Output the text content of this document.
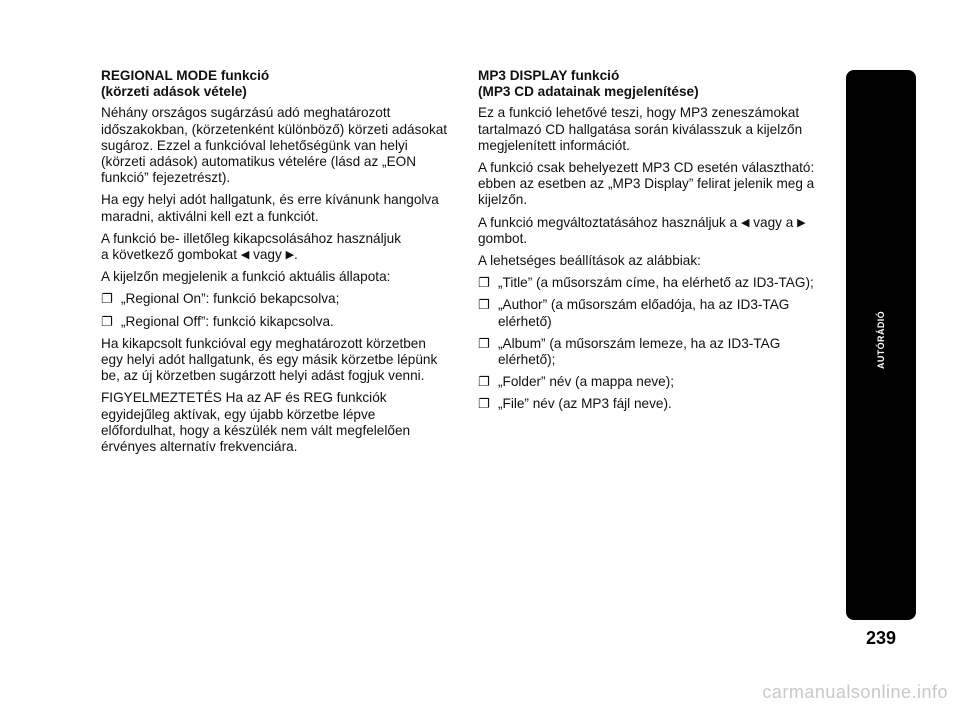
REGIONAL MODE funkció
(körzeti adások vétele)

Néhány országos sugárzású adó meghatározott időszakokban, (körzetenként különböző) körzeti adásokat sugároz. Ezzel a funkcióval lehetőségünk van helyi (körzeti adások) automatikus vételére (lásd az „EON funkció” fejezetrészt).

Ha egy helyi adót hallgatunk, és erre kívánunk hangolva maradni, aktiválni kell ezt a funkciót.

A funkció be- illetőleg kikapcsolásához használjuk
a következő gombokat ◀ vagy ▶.

A kijelzőn megjelenik a funkció aktuális állapota:

❐ „Regional On”: funkció bekapcsolva;
❐ „Regional Off”: funkció kikapcsolva.

Ha kikapcsolt funkcióval egy meghatározott körzetben egy helyi adót hallgatunk, és egy másik körzetbe lépünk be, az új körzetben sugárzott helyi adást fogjuk venni.

FIGYELMEZTETÉS Ha az AF és REG funkciók egyidejűleg aktívak, egy újabb körzetbe lépve előfordulhat, hogy a készülék nem vált megfelelően érvényes alternatív frekvenciára.

MP3 DISPLAY funkció
(MP3 CD adatainak megjelenítése)

Ez a funkció lehetővé teszi, hogy MP3 zeneszámokat tartalmazó CD hallgatása során kiválasszuk a kijelzőn megjelenített információt.

A funkció csak behelyezett MP3 CD esetén választható: ebben az esetben az „MP3 Display” felirat jelenik meg a kijelzőn.

A funkció megváltoztatásához használjuk a ◀ vagy a ▶
gombot.

A lehetséges beállítások az alábbiak:

❐ „Title” (a műsorszám címe, ha elérhető az ID3-TAG);
❐ „Author” (a műsorszám előadója, ha az ID3-TAG elérhető)
❐ „Album” (a műsorszám lemeze, ha az ID3-TAG elérhető);
❐ „Folder” név (a mappa neve);
❐ „File” név (az MP3 fájl neve).
AUTÓRÁDIÓ
239
carmanualsonline.info
